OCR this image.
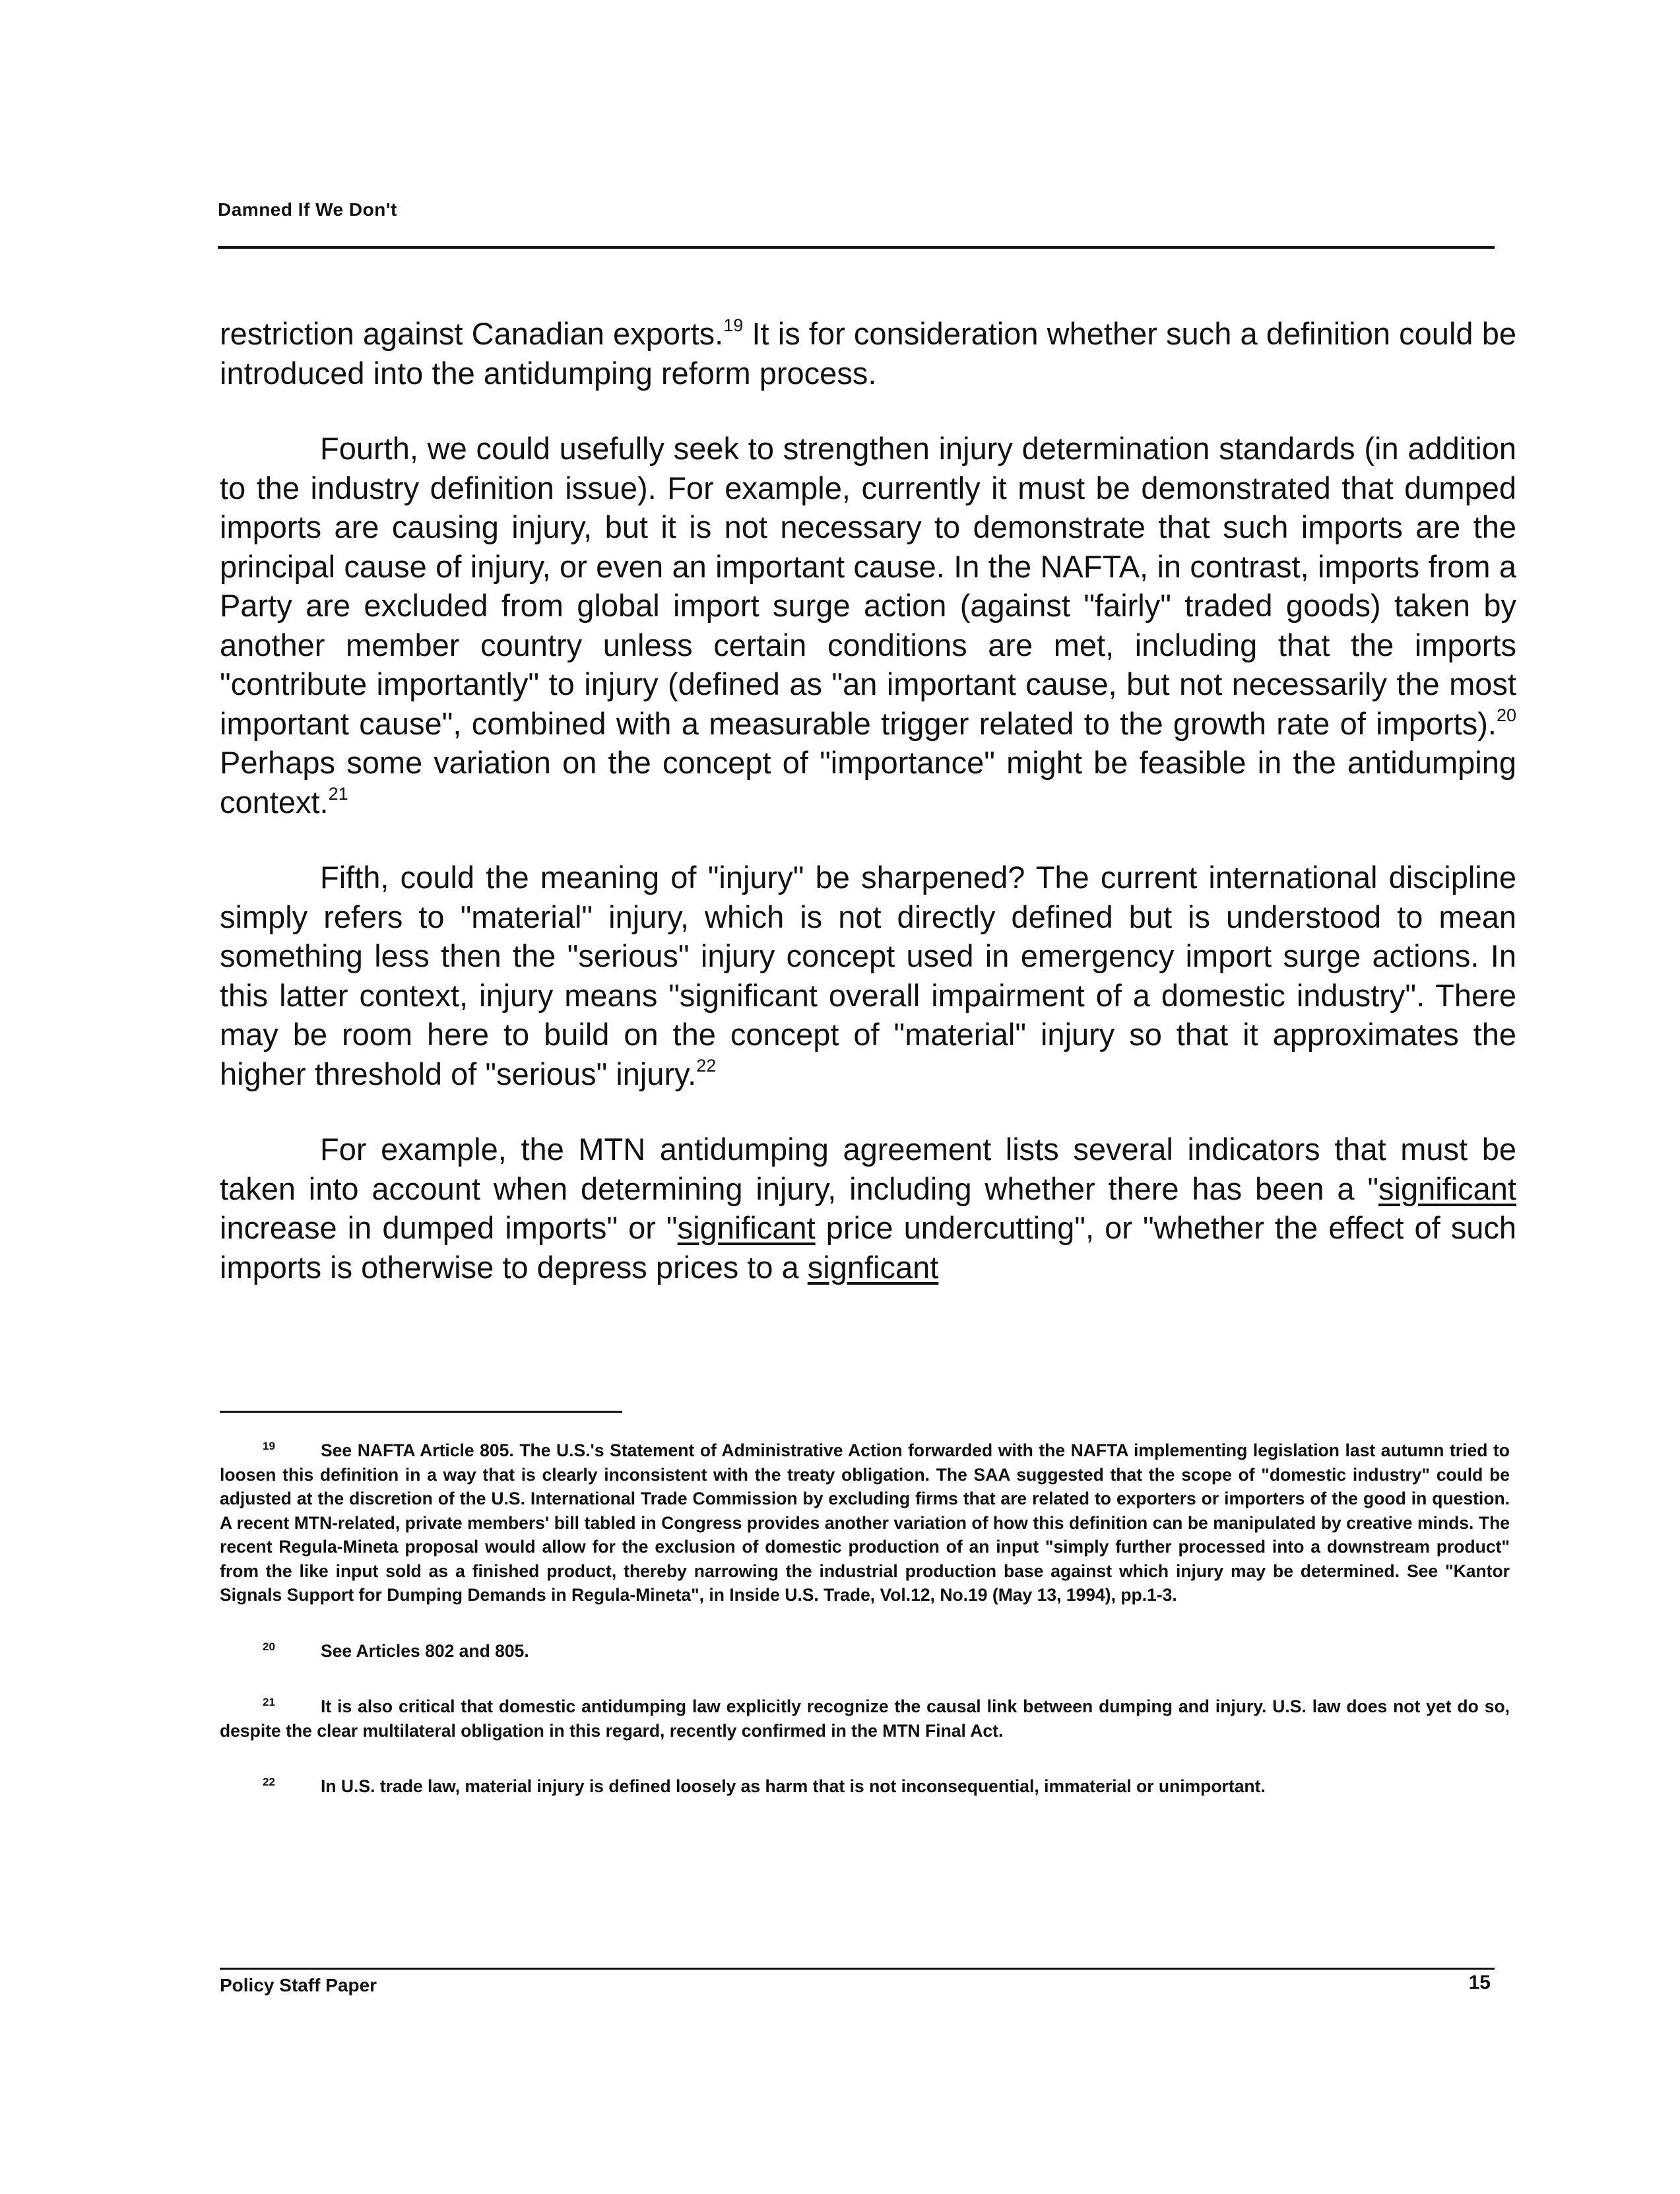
Damned If We Don't

restriction against Canadian exports.$^{19}$ It is for consideration whether such a definition could be introduced into the antidumping reform process.

Fourth, we could usefully seek to strengthen injury determination standards (in addition to the industry definition issue). For example, currently it must be demonstrated that dumped imports are causing injury, but it is not necessary to demonstrate that such imports are the principal cause of injury, or even an important cause. In the NAFTA, in contrast, imports from a Party are excluded from global import surge action (against "fairly" traded goods) taken by another member country unless certain conditions are met, including that the imports "contribute importantly" to injury (defined as "an important cause, but not necessarily the most important cause", combined with a measurable trigger related to the growth rate of imports).$^{20}$ Perhaps some variation on the concept of "importance" might be feasible in the antidumping context.$^{21}$

Fifth, could the meaning of "injury" be sharpened? The current international discipline simply refers to "material" injury, which is not directly defined but is understood to mean something less then the "serious" injury concept used in emergency import surge actions. In this latter context, injury means "significant overall impairment of a domestic industry". There may be room here to build on the concept of "material" injury so that it approximates the higher threshold of "serious" injury.$^{22}$

For example, the MTN antidumping agreement lists several indicators that must be taken into account when determining injury, including whether there has been a "significant increase in dumped imports" or "significant price undercutting", or "whether the effect of such imports is otherwise to depress prices to a signficant

19	See NAFTA Article 805. The U.S.'s Statement of Administrative Action forwarded with the NAFTA implementing legislation last autumn tried to loosen this definition in a way that is clearly inconsistent with the treaty obligation. The SAA suggested that the scope of "domestic industry" could be adjusted at the discretion of the U.S. International Trade Commission by excluding firms that are related to exporters or importers of the good in question. A recent MTN-related, private members' bill tabled in Congress provides another variation of how this definition can be manipulated by creative minds. The recent Regula-Mineta proposal would allow for the exclusion of domestic production of an input "simply further processed into a downstream product" from the like input sold as a finished product, thereby narrowing the industrial production base against which injury may be determined. See "Kantor Signals Support for Dumping Demands in Regula-Mineta", in Inside U.S. Trade, Vol.12, No.19 (May 13, 1994), pp.1-3.

20	See Articles 802 and 805.

21	It is also critical that domestic antidumping law explicitly recognize the causal link between dumping and injury. U.S. law does not yet do so, despite the clear multilateral obligation in this regard, recently confirmed in the MTN Final Act.

22	In U.S. trade law, material injury is defined loosely as harm that is not inconsequential, immaterial or unimportant.

Policy Staff Paper	15
